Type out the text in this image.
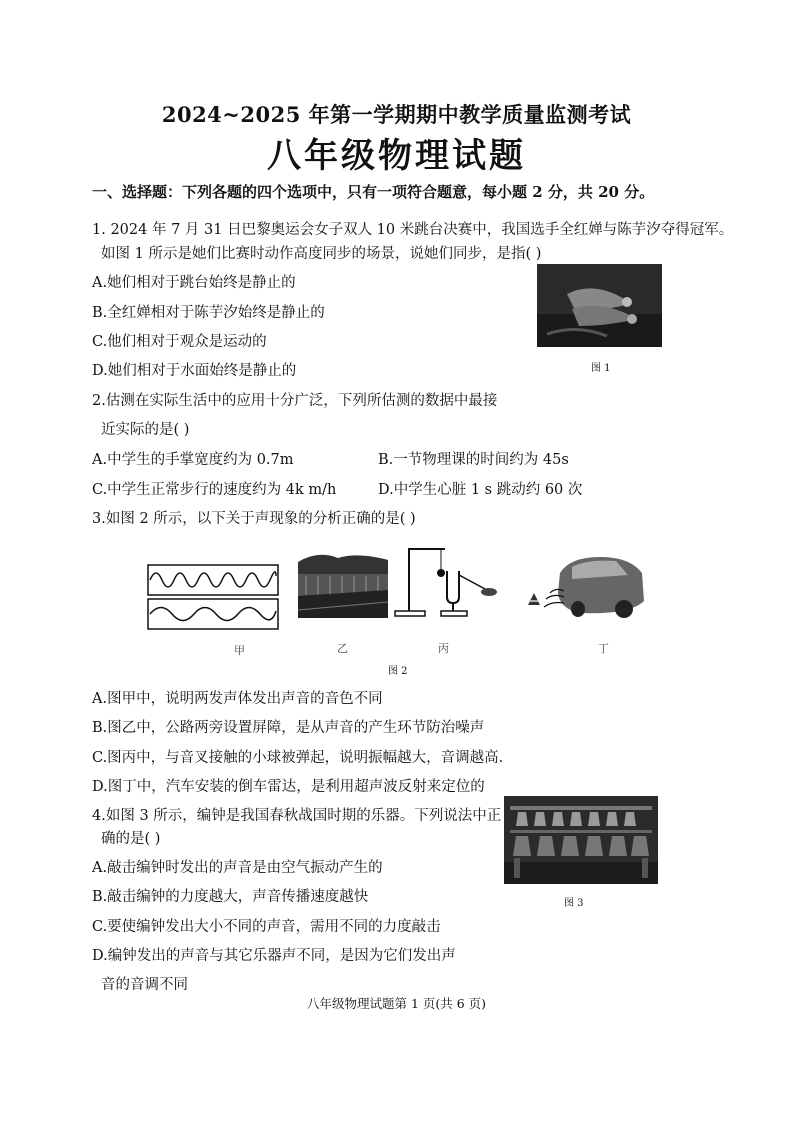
2024~2025 年第一学期期中教学质量监测考试
八年级物理试题
一、选择题：下列各题的四个选项中，只有一项符合题意，每小题 2 分，共 20 分。
1. 2024 年 7 月 31 日巴黎奥运会女子双人 10 米跳台决赛中，我国选手全红婵与陈芋汐夺得冠军。
如图 1 所示是她们比赛时动作高度同步的场景，说她们同步，是指( )
A.她们相对于跳台始终是静止的
B.全红婵相对于陈芋汐始终是静止的
C.他们相对于观众是运动的
D.她们相对于水面始终是静止的	图 1
2.估测在实际生活中的应用十分广泛，下列所估测的数据中最接
近实际的是( )
A.中学生的手掌宽度约为 0.7m	B.一节物理课的时间约为 45s
C.中学生正常步行的速度约为 4k m/h	D.中学生心脏 1 s 跳动约 60 次
3.如图 2 所示，以下关于声现象的分析正确的是( )
甲	乙	丙	丁
图 2
A.图甲中，说明两发声体发出声音的音色不同
B.图乙中，公路两旁设置屏障，是从声音的产生环节防治噪声
C.图丙中，与音叉接触的小球被弹起，说明振幅越大，音调越高.
D.图丁中，汽车安装的倒车雷达，是利用超声波反射来定位的
4.如图 3 所示，编钟是我国春秋战国时期的乐器。下列说法中正
确的是( )
A.敲击编钟时发出的声音是由空气振动产生的
B.敲击编钟的力度越大，声音传播速度越快
C.要使编钟发出大小不同的声音，需用不同的力度敲击
D.编钟发出的声音与其它乐器声不同，是因为它们发出声
音的音调不同
图 3
八年级物理试题第 1 页(共 6 页)
